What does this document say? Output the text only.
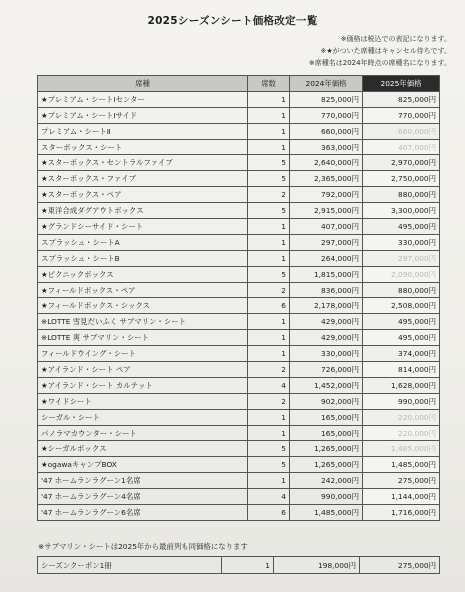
2025シーズンシート価格改定一覧
※価格は税込での表記になります。
※★がついた席種はキャンセル待ちです。
※席種名は2024年時点の席種名になります。
席種	席数	2024年価格	2025年価格
★プレミアム・シートⅠセンター	1	825,000円	825,000円
★プレミアム・シートⅠサイド	1	770,000円	770,000円
プレミアム・シートⅡ	1	660,000円	660,000円
スターボックス・シート	1	363,000円	407,000円
★スターボックス・セントラルファイブ	5	2,640,000円	2,970,000円
★スターボックス・ファイブ	5	2,365,000円	2,750,000円
★スターボックス・ペア	2	792,000円	880,000円
★東洋合成ダグアウトボックス	5	2,915,000円	3,300,000円
★グランドシーサイド・シート	1	407,000円	495,000円
スプラッシュ・シートA	1	297,000円	330,000円
スプラッシュ・シートB	1	264,000円	297,000円
★ピクニックボックス	5	1,815,000円	2,090,000円
★フィールドボックス・ペア	2	836,000円	880,000円
★フィールドボックス・シックス	6	2,178,000円	2,508,000円
※LOTTE 雪見だいふく サブマリン・シート	1	429,000円	495,000円
※LOTTE 爽 サブマリン・シート	1	429,000円	495,000円
フィールドウイング・シート	1	330,000円	374,000円
★アイランド・シート ペア	2	726,000円	814,000円
★アイランド・シート カルテット	4	1,452,000円	1,628,000円
★ワイドシート	2	902,000円	990,000円
シーガル・シート	1	165,000円	220,000円
パノラマカウンター・シート	1	165,000円	220,000円
★シーガルボックス	5	1,265,000円	1,485,000円
★ogawaキャンプBOX	5	1,265,000円	1,485,000円
'47 ホームランラグーン1名席	1	242,000円	275,000円
'47 ホームランラグーン4名席	4	990,000円	1,144,000円
'47 ホームランラグーン6名席	6	1,485,000円	1,716,000円
※サブマリン・シートは2025年から最前列も同価格になります
シーズンクーポン1冊	1	198,000円	275,000円
